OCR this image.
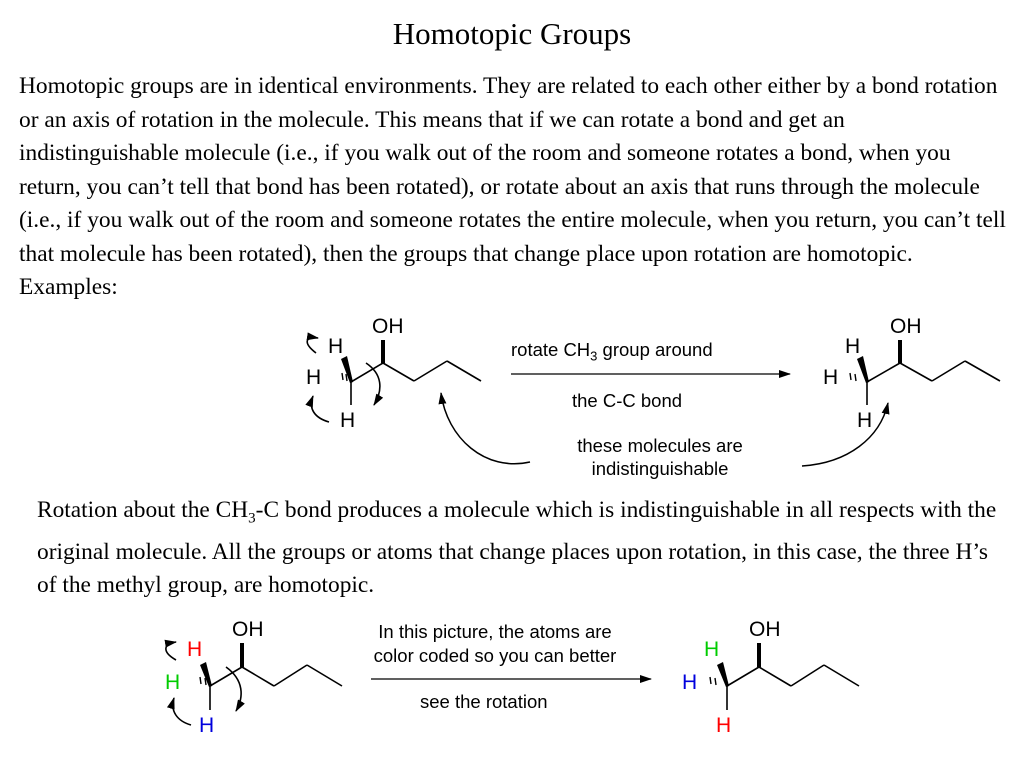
Homotopic Groups

Homotopic groups are in identical environments. They are related to each other either by a bond rotation or an axis of rotation in the molecule. This means that if we can rotate a bond and get an indistinguishable molecule (i.e., if you walk out of the room and someone rotates a bond, when you return, you can’t tell that bond has been rotated), or rotate about an axis that runs through the molecule (i.e., if you walk out of the room and someone rotates the entire molecule, when you return, you can’t tell that molecule has been rotated), then the groups that change place upon rotation are homotopic. Examples:

OH
H
H
H
OH
H
H
H
rotate $CH_3$ group around
the C-C bond
these molecules are
indistinguishable

Rotation about the $CH_3-C$ bond produces a molecule which is indistinguishable in all respects with the original molecule. All the groups or atoms that change places upon rotation, in this case, the three H’s of the methyl group, are homotopic.

OH
H
H
H
OH
H
H
H
In this picture, the atoms are
color coded so you can better
see the rotation
